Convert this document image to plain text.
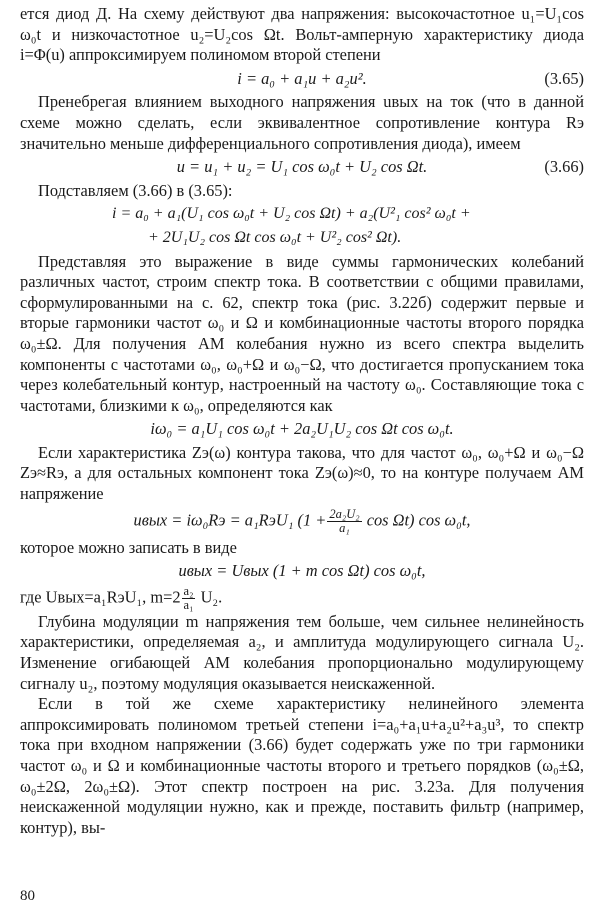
ется диод Д. На схему действуют два напряжения: высокочастотное u₁=U₁cos ω₀t и низкочастотное u₂=U₂cos Ωt. Вольт-амперную характеристику диода i=Φ(u) аппроксимируем полиномом второй степени

i = a₀ + a₁u + a₂u².	(3.65)

Пренебрегая влиянием выходного напряжения uвых на ток (что в данной схеме можно сделать, если эквивалентное сопротивление контура Rэ значительно меньше дифференциального сопротивления диода), имеем

u = u₁ + u₂ = U₁ cos ω₀t + U₂ cos Ωt.	(3.66)

Подставляем (3.66) в (3.65):

i = a₀ + a₁(U₁ cos ω₀t + U₂ cos Ωt) + a₂(U²₁ cos² ω₀t +
+ 2U₁U₂ cos Ωt cos ω₀t + U²₂ cos² Ωt).

Представляя это выражение в виде суммы гармонических колебаний различных частот, строим спектр тока. В соответствии с общими правилами, сформулированными на с. 62, спектр тока (рис. 3.22б) содержит первые и вторые гармоники частот ω₀ и Ω и комбинационные частоты второго порядка ω₀±Ω. Для получения АМ колебания нужно из всего спектра выделить компоненты с частотами ω₀, ω₀+Ω и ω₀−Ω, что достигается пропусканием тока через колебательный контур, настроенный на частоту ω₀. Составляющие тока с частотами, близкими к ω₀, определяются как

iω₀ = a₁U₁ cos ω₀t + 2a₂U₁U₂ cos Ωt cos ω₀t.

Если характеристика Zэ(ω) контура такова, что для частот ω₀, ω₀+Ω и ω₀−Ω Zэ≈Rэ, а для остальных компонент тока Zэ(ω)≈0, то на контуре получаем АМ напряжение

uвых = iω₀Rэ = a₁RэU₁ ($1 + \frac{\text{2a₂U₂}}{\text{a₁}}$ cos Ωt) cos ω₀t,

которое можно записать в виде

uвых = Uвых (1 + m cos Ωt) cos ω₀t,

где Uвых=a₁RэU₁, $m=2 \frac{\text{a₂}}{\text{a₁}} U_2$.

Глубина модуляции m напряжения тем больше, чем сильнее нелинейность характеристики, определяемая a₂, и амплитуда модулирующего сигнала U₂. Изменение огибающей АМ колебания пропорционально модулирующему сигналу u₂, поэтому модуляция оказывается неискаженной.

Если в той же схеме характеристику нелинейного элемента аппроксимировать полиномом третьей степени i=a₀+a₁u+a₂u²+a₃u³, то спектр тока при входном напряжении (3.66) будет содержать уже по три гармоники частот ω₀ и Ω и комбинационные частоты второго и третьего порядков (ω₀±Ω, ω₀±2Ω, 2ω₀±Ω). Этот спектр построен на рис. 3.23а. Для получения неискаженной модуляции нужно, как и прежде, поставить фильтр (например, контур), вы-

80
